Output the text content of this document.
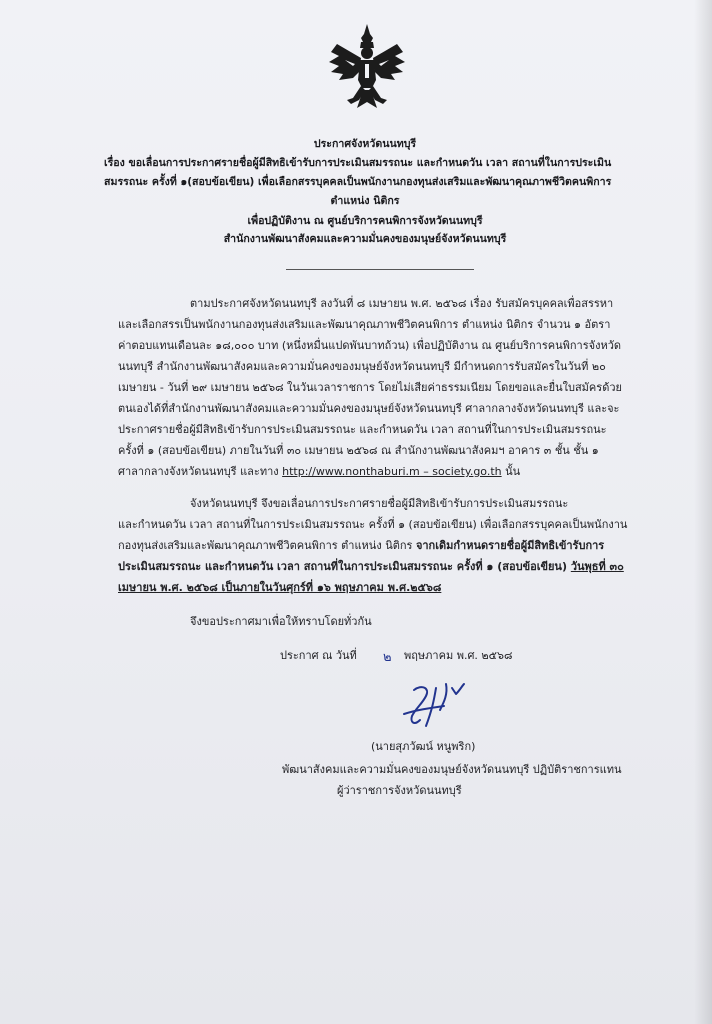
ประกาศจังหวัดนนทบุรี
เรื่อง ขอเลื่อนการประกาศรายชื่อผู้มีสิทธิเข้ารับการประเมินสมรรถนะ และกำหนดวัน เวลา สถานที่ในการประเมิน
สมรรถนะ ครั้งที่ ๑(สอบข้อเขียน) เพื่อเลือกสรรบุคคลเป็นพนักงานกองทุนส่งเสริมและพัฒนาคุณภาพชีวิตคนพิการ
ตำแหน่ง นิติกร
เพื่อปฏิบัติงาน ณ ศูนย์บริการคนพิการจังหวัดนนทบุรี
สำนักงานพัฒนาสังคมและความมั่นคงของมนุษย์จังหวัดนนทบุรี
ตามประกาศจังหวัดนนทบุรี ลงวันที่ ๘ เมษายน พ.ศ. ๒๕๖๘ เรื่อง รับสมัครบุคคลเพื่อสรรหา
และเลือกสรรเป็นพนักงานกองทุนส่งเสริมและพัฒนาคุณภาพชีวิตคนพิการ ตำแหน่ง นิติกร จำนวน ๑ อัตรา
ค่าตอบแทนเดือนละ ๑๘,๐๐๐ บาท (หนึ่งหมื่นแปดพันบาทถ้วน) เพื่อปฏิบัติงาน ณ ศูนย์บริการคนพิการจังหวัด
นนทบุรี สำนักงานพัฒนาสังคมและความมั่นคงของมนุษย์จังหวัดนนทบุรี มีกำหนดการรับสมัครในวันที่ ๒๐
เมษายน - วันที่ ๒๙ เมษายน ๒๕๖๘ ในวันเวลาราชการ โดยไม่เสียค่าธรรมเนียม โดยขอและยื่นใบสมัครด้วย
ตนเองได้ที่สำนักงานพัฒนาสังคมและความมั่นคงของมนุษย์จังหวัดนนทบุรี ศาลากลางจังหวัดนนทบุรี และจะ
ประกาศรายชื่อผู้มีสิทธิเข้ารับการประเมินสมรรถนะ และกำหนดวัน เวลา สถานที่ในการประเมินสมรรถนะ
ครั้งที่ ๑ (สอบข้อเขียน) ภายในวันที่ ๓๐ เมษายน ๒๕๖๘ ณ สำนักงานพัฒนาสังคมฯ อาคาร ๓ ชั้น ชั้น ๑
ศาลากลางจังหวัดนนทบุรี และทาง http://www.nonthaburi.m – society.go.th นั้น
จังหวัดนนทบุรี จึงขอเลื่อนการประกาศรายชื่อผู้มีสิทธิเข้ารับการประเมินสมรรถนะ
และกำหนดวัน เวลา สถานที่ในการประเมินสมรรถนะ ครั้งที่ ๑ (สอบข้อเขียน) เพื่อเลือกสรรบุคคลเป็นพนักงาน
กองทุนส่งเสริมและพัฒนาคุณภาพชีวิตคนพิการ ตำแหน่ง นิติกร จากเดิมกำหนดรายชื่อผู้มีสิทธิเข้ารับการ
ประเมินสมรรถนะ และกำหนดวัน เวลา สถานที่ในการประเมินสมรรถนะ ครั้งที่ ๑ (สอบข้อเขียน) วันพุธที่ ๓๐
เมษายน พ.ศ. ๒๕๖๘ เป็นภายในวันศุกร์ที่ ๑๖ พฤษภาคม พ.ศ.๒๕๖๘
จึงขอประกาศมาเพื่อให้ทราบโดยทั่วกัน
ประกาศ ณ วันที่ ๒ พฤษภาคม พ.ศ. ๒๕๖๘
(นายสุภวัฒน์ หนูพริก)
พัฒนาสังคมและความมั่นคงของมนุษย์จังหวัดนนทบุรี ปฏิบัติราชการแทน
ผู้ว่าราชการจังหวัดนนทบุรี
